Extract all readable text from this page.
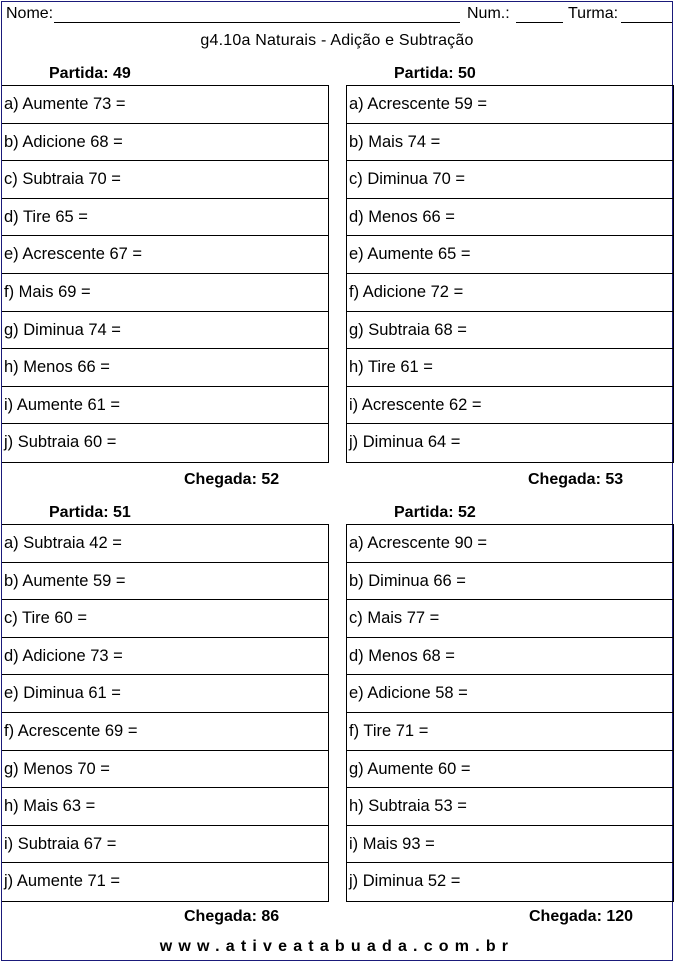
Nome:	Num.:	Turma:
g4.10a Naturais - Adição e Subtração
Partida: 49
a) Aumente 73 =
b) Adicione 68 =
c) Subtraia 70 =
d) Tire 65 =
e) Acrescente 67 =
f) Mais 69 =
g) Diminua 74 =
h) Menos 66 =
i) Aumente 61 =
j) Subtraia 60 =
Chegada: 52
Partida: 50
a) Acrescente 59 =
b) Mais 74 =
c) Diminua 70 =
d) Menos 66 =
e) Aumente 65 =
f) Adicione 72 =
g) Subtraia 68 =
h) Tire 61 =
i) Acrescente 62 =
j) Diminua 64 =
Chegada: 53
Partida: 51
a) Subtraia 42 =
b) Aumente 59 =
c) Tire 60 =
d) Adicione 73 =
e) Diminua 61 =
f) Acrescente 69 =
g) Menos 70 =
h) Mais 63 =
i) Subtraia 67 =
j) Aumente 71 =
Chegada: 86
Partida: 52
a) Acrescente 90 =
b) Diminua 66 =
c) Mais 77 =
d) Menos 68 =
e) Adicione 58 =
f) Tire 71 =
g) Aumente 60 =
h) Subtraia 53 =
i) Mais 93 =
j) Diminua 52 =
Chegada: 120
www.ativeatabuada.com.br
